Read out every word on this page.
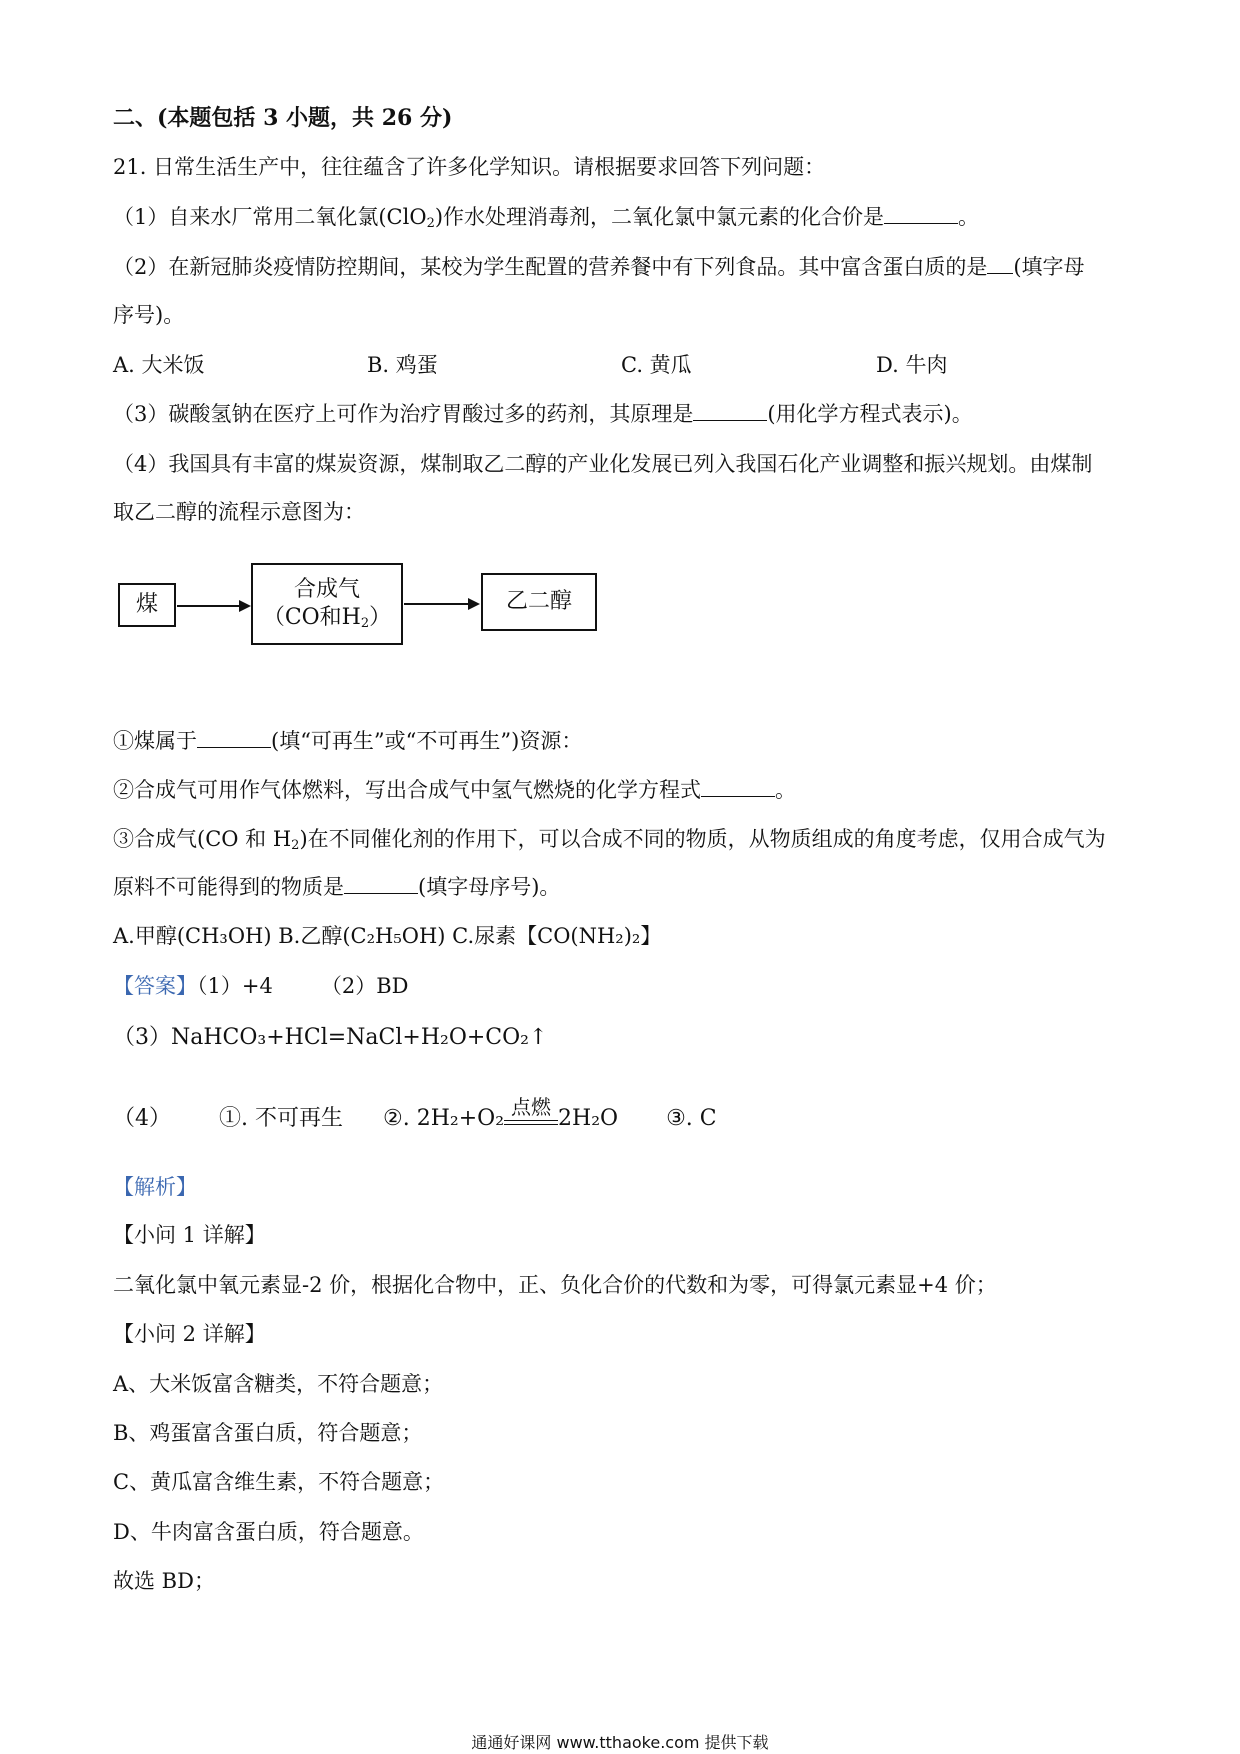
二、(本题包括 3 小题，共 26 分)
21. 日常生活生产中，往往蕴含了许多化学知识。请根据要求回答下列问题：
（1）自来水厂常用二氧化氯(ClO$_2$)作水处理消毒剂，二氧化氯中氯元素的化合价是	。
（2）在新冠肺炎疫情防控期间，某校为学生配置的营养餐中有下列食品。其中富含蛋白质的是 (填字母
序号)。
A. 大米饭	B. 鸡蛋	C. 黄瓜	D. 牛肉
（3）碳酸氢钠在医疗上可作为治疗胃酸过多的药剂，其原理是	(用化学方程式表示)。
（4）我国具有丰富的煤炭资源，煤制取乙二醇的产业化发展已列入我国石化产业调整和振兴规划。由煤制
取乙二醇的流程示意图为：
煤
合成气
（CO和$H_2$）
乙二醇
①煤属于	(填“可再生”或“不可再生”)资源：
②合成气可用作气体燃料，写出合成气中氢气燃烧的化学方程式	。
③合成气(CO 和 $H_2$)在不同催化剂的作用下，可以合成不同的物质，从物质组成的角度考虑，仅用合成气为
原料不可能得到的物质是	(填字母序号)。
A.甲醇(CH₃OH) B.乙醇(C₂H₅OH) C.尿素【CO(NH₂)₂】
【答案】（1）+4 （2）BD
（3）NaHCO₃+HCl=NaCl+H₂O+CO₂↑
（4） ①. 不可再生 ②. 2H₂+O₂ 点燃 2H₂O ③. C
【解析】
【小问 1 详解】
二氧化氯中氧元素显-2 价，根据化合物中，正、负化合价的代数和为零，可得氯元素显+4 价；
【小问 2 详解】
A、大米饭富含糖类，不符合题意；
B、鸡蛋富含蛋白质，符合题意；
C、黄瓜富含维生素，不符合题意；
D、牛肉富含蛋白质，符合题意。
故选 BD；
通通好课网 www.tthaoke.com 提供下载
